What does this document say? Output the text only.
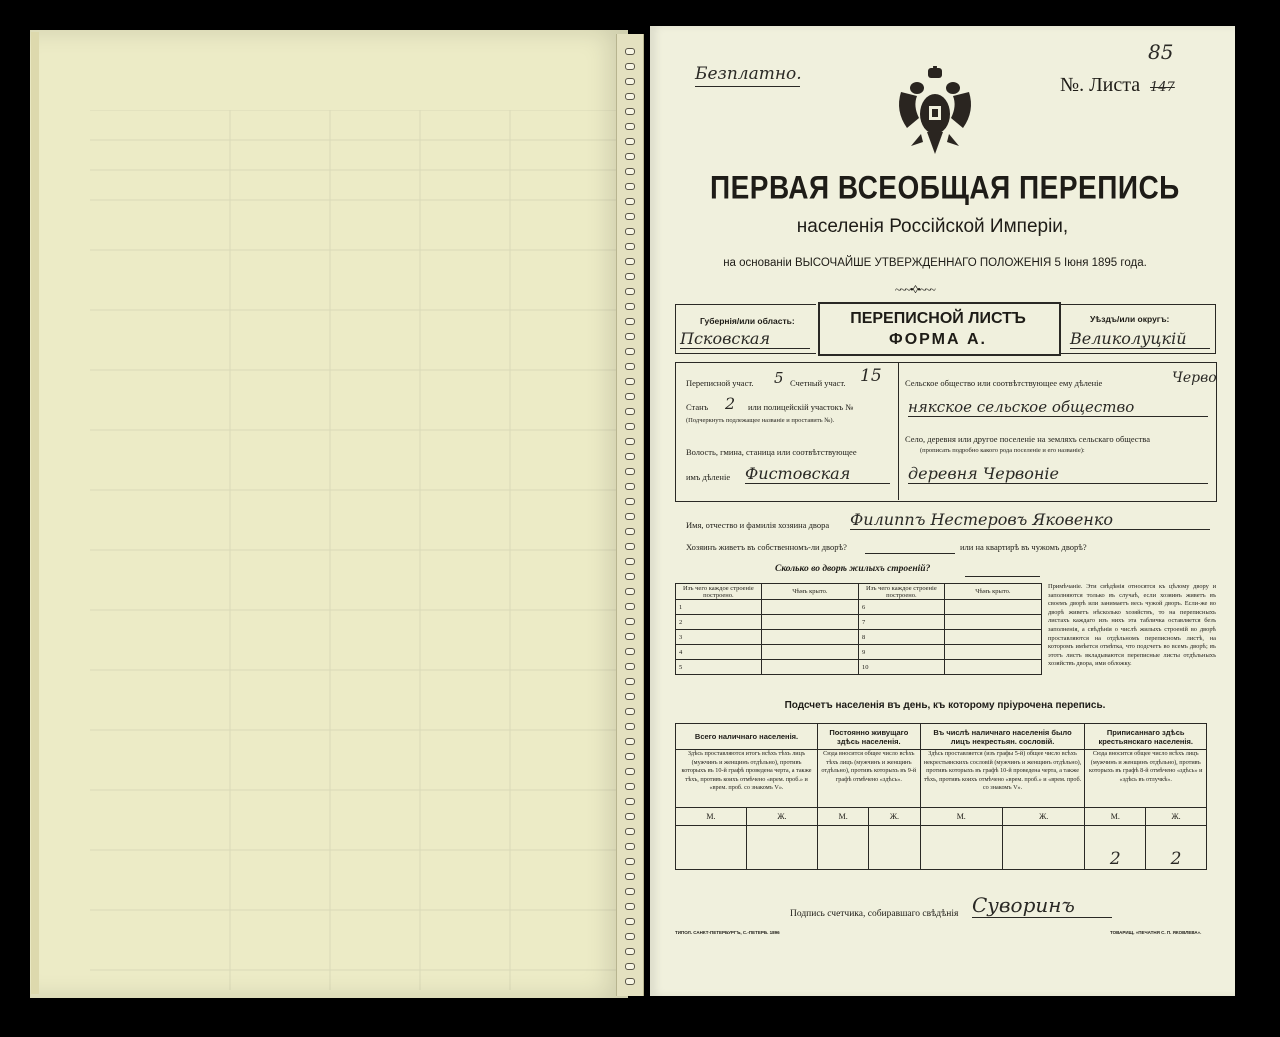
Безплатно.	№. Листа 147
85
ПЕРВАЯ ВСЕОБЩАЯ ПЕРЕПИСЬ
населенія Россійской Имперіи,
на основаніи ВЫСОЧАЙШЕ УТВЕРЖДЕННАГО ПОЛОЖЕНІЯ 5 Іюня 1895 года.
~~~•◊•~~~
Губернія/или область:
Псковская
ПЕРЕПИСНОЙ ЛИСТЪ
ФОРМА А.
Уѣздъ/или округъ:
Великолуцкій
Переписной участ. 5 Счетный участ. 15
Станъ 2 или полицейскій участокъ №
(Подчеркнуть подлежащее названіе и проставить №).
Волость, гмина, станица или соотвѣтствующее
имъ дѣленіе Фистовская
Сельское общество или соотвѣтствующее ему дѣленіе	Черво
някское сельское общество
Село, деревня или другое поселеніе на земляхъ сельскаго общества
(прописать подробно какого рода поселеніе и его названіе):
деревня Червоніе
Имя, отчество и фамилія хозяина двора Филиппъ Нестеровъ Яковенко
Хозяинъ живетъ въ собственномъ-ли дворѣ?	или на квартирѣ въ чужомъ дворѣ?
Сколько во дворѣ жилыхъ строеній?
Изъ чего каждое строеніе построено.	Чѣмъ крыто.	Изъ чего каждое строеніе построено.	Чѣмъ крыто.
1		6	
2		7	
3		8	
4		9	
5		10	
Примѣчаніе. Эти свѣдѣнія относятся къ цѣлому двору и заполняются только въ случаѣ, если хозяинъ живетъ въ своемъ дворѣ или занимаетъ весь чужой дворъ. Если-же во дворѣ живетъ нѣсколько хозяйствъ, то на переписныхъ листахъ каждаго изъ нихъ эта табличка оставляется безъ заполненія, а свѣдѣнія о числѣ жилыхъ строеній во дворѣ проставляются на отдѣльномъ переписномъ листѣ, на которомъ имѣется отмѣтка, что подсчетъ во всемъ дворѣ; въ этотъ листъ вкладываются переписные листы отдѣльныхъ хозяйствъ двора, ими обложку.
Подсчетъ населенія въ день, къ которому пріурочена перепись.
Всего наличнаго населенія.		Постоянно живущаго здѣсь населенія.		Въ числѣ наличнаго населенія было лицъ некрестьян. сословій.		Приписаннаго здѣсь крестьянскаго населенія.	
Здѣсь проставляются итогъ всѣхъ тѣхъ лицъ (мужчинъ и женщинъ отдѣльно), противъ которыхъ въ 10-й графѣ проведена черта, а также тѣхъ, противъ коихъ отмѣчено «врем. проб.» и «врем. проб. со знакомъ V».		Сюда вносится общее число всѣхъ тѣхъ лицъ (мужчинъ и женщинъ отдѣльно), противъ которыхъ въ 9-й графѣ отмѣчено «здѣсь».		Здѣсь проставляется (изъ графы 5-й) общее число всѣхъ некрестьянскихъ сословій (мужчинъ и женщинъ отдѣльно), противъ которыхъ въ графѣ 10-й проведена черта, а также тѣхъ, противъ коихъ отмѣчено «врем. проб.» и «врем. проб. со знакомъ V».		Сюда вносится общее число всѣхъ лицъ (мужчинъ и женщинъ отдѣльно), противъ которыхъ въ графѣ 8-й отмѣчено «здѣсь» и «здѣсь въ отлучкѣ».	
М.	Ж.	М.	Ж.	М.	Ж.	М.	Ж.
						2	2
Подпись счетчика, собиравшаго свѣдѣнія Суворинъ
ТИПОЛ. САНКТ-ПЕТЕРБУРГЪ, С.-ПЕТЕРБ. 1896	ТОВАРИЩ. «ПЕЧАТНЯ С. П. ЯКОВЛЕВА».
